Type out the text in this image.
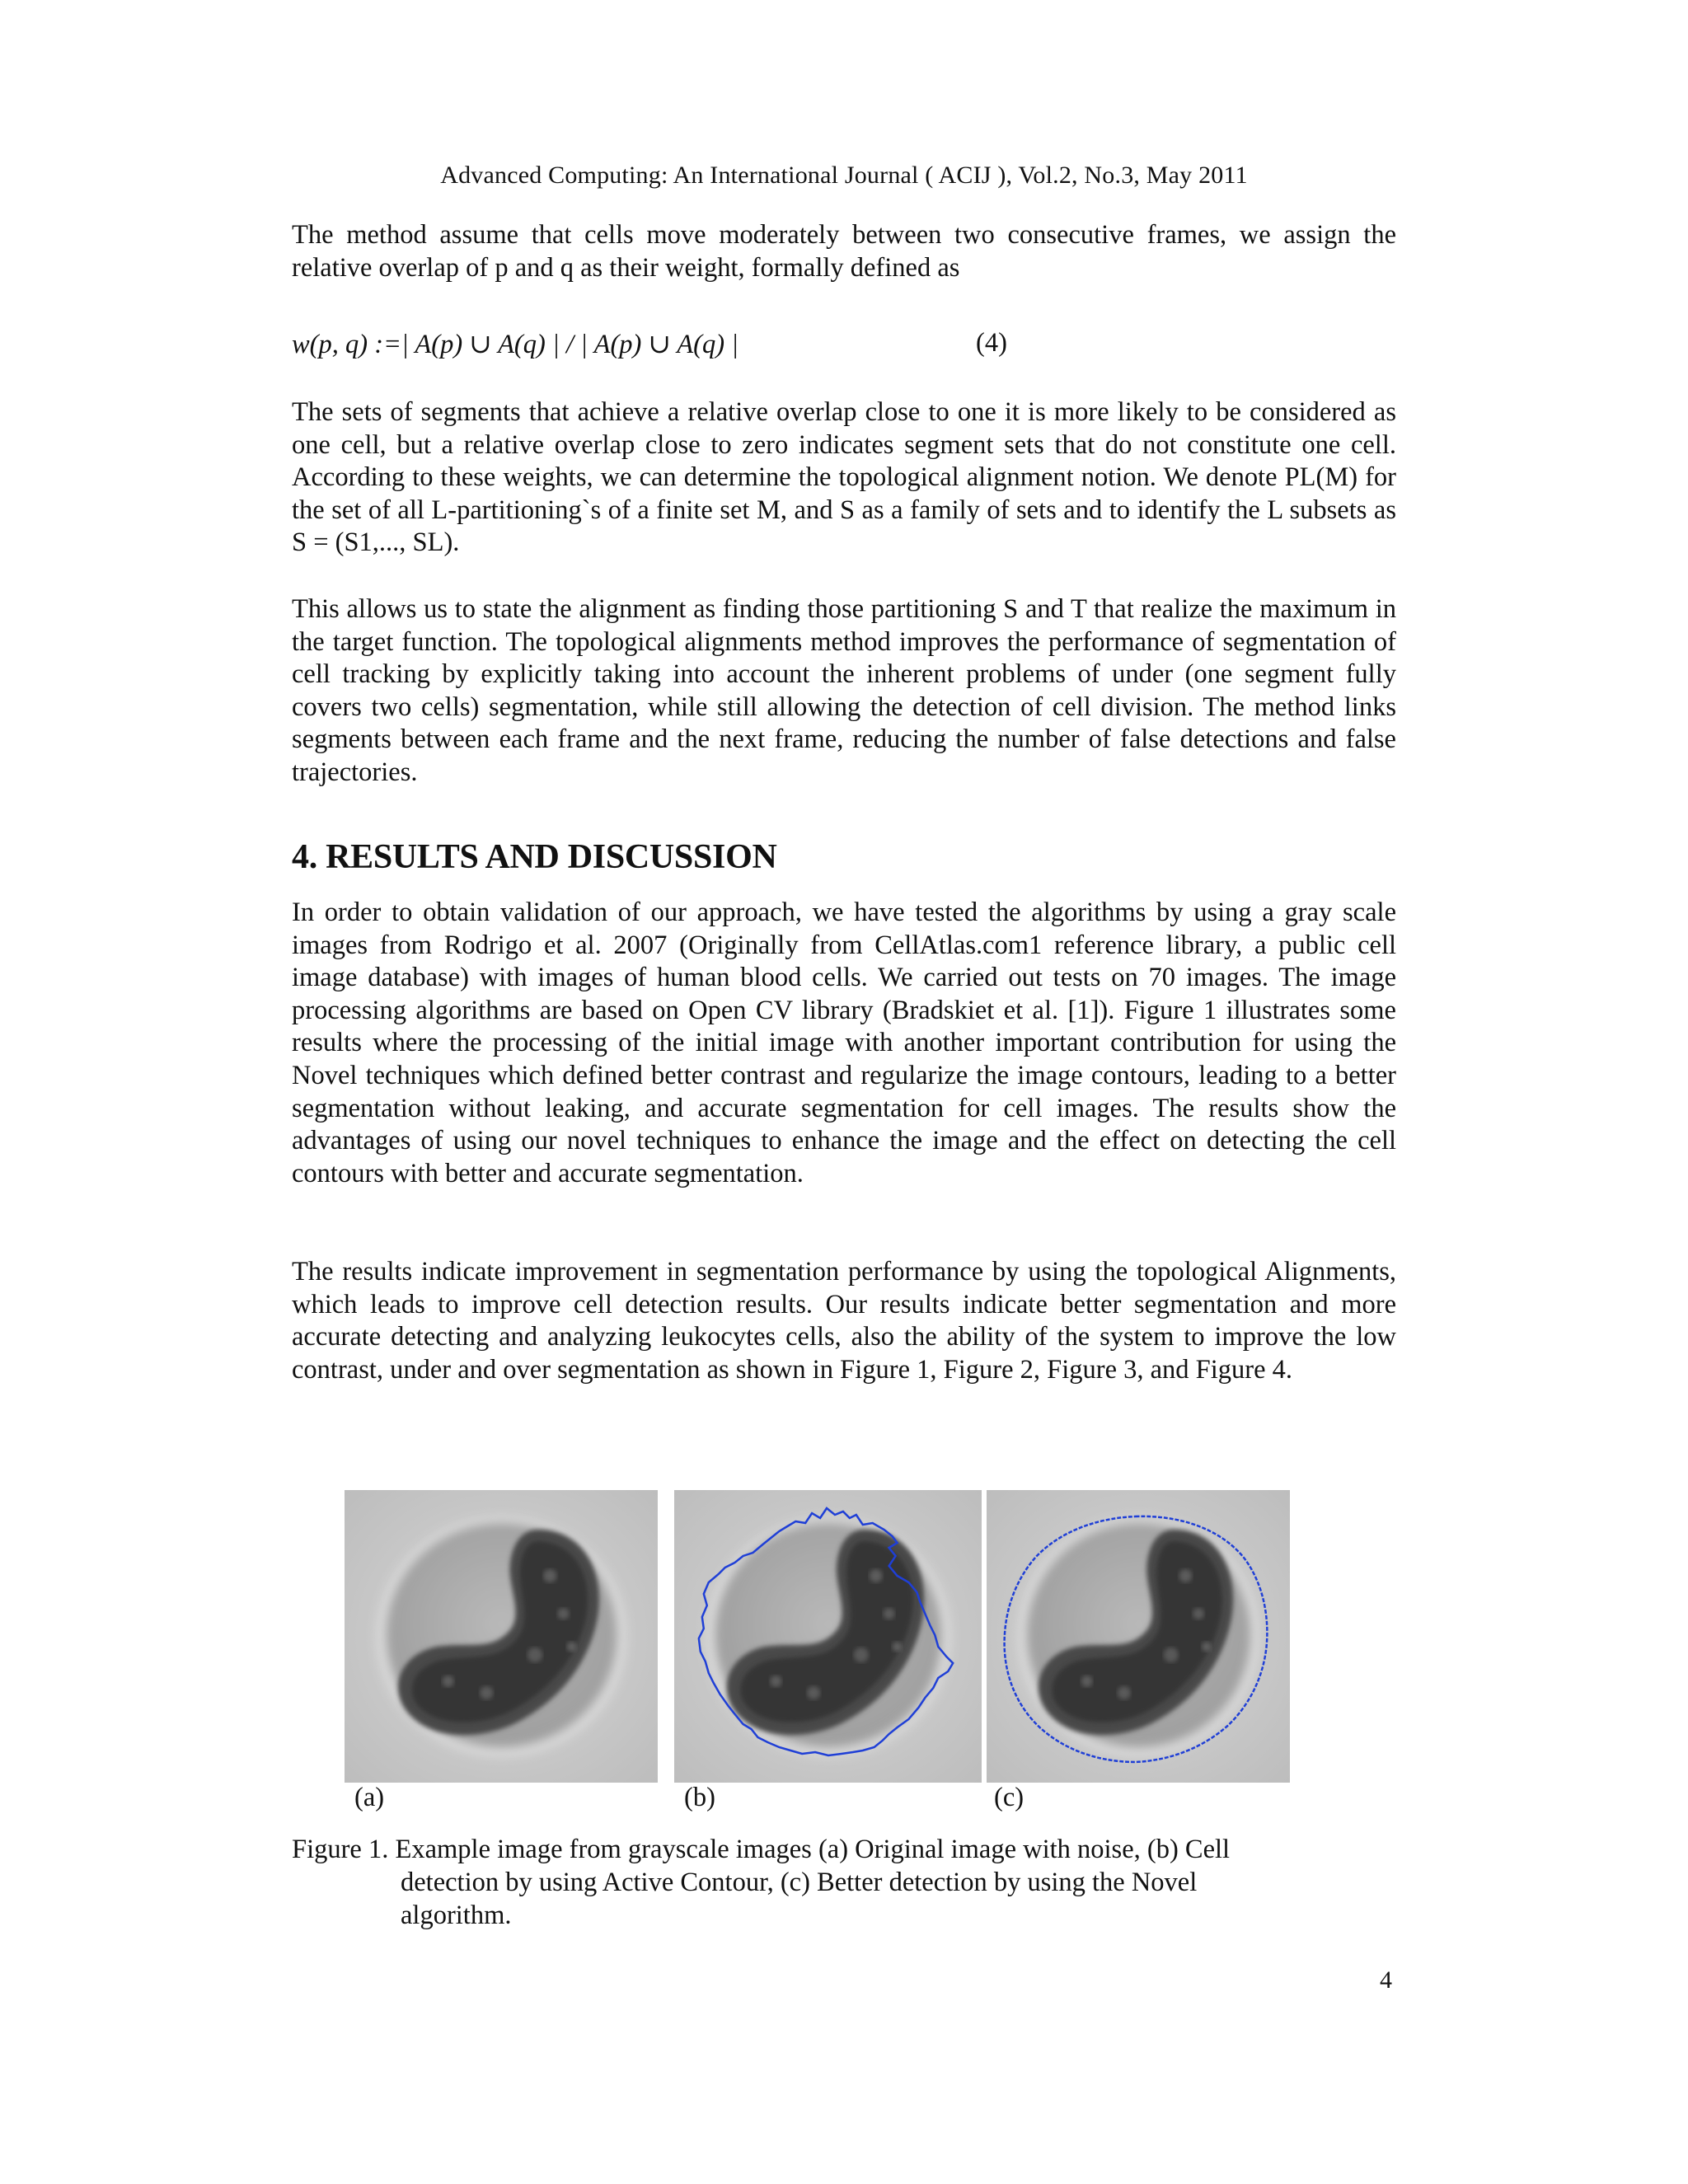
Advanced Computing: An International Journal ( ACIJ ), Vol.2, No.3, May 2011

The method assume that cells move moderately between two consecutive frames, we assign the relative overlap of p and q as their weight, formally defined as

w(p, q) :=| A(p) ∪ A(q) | / | A(p) ∪ A(q) |	(4)

The sets of segments that achieve a relative overlap close to one it is more likely to be considered as one cell, but a relative overlap close to zero indicates segment sets that do not constitute one cell. According to these weights, we can determine the topological alignment notion. We denote PL(M) for the set of all L-partitioning`s of a finite set M, and S as a family of sets and to identify the L subsets as S = (S1,..., SL).

This allows us to state the alignment as finding those partitioning S and T that realize the maximum in the target function. The topological alignments method improves the performance of segmentation of cell tracking by explicitly taking into account the inherent problems of under (one segment fully covers two cells) segmentation, while still allowing the detection of cell division. The method links segments between each frame and the next frame, reducing the number of false detections and false trajectories.

4. RESULTS AND DISCUSSION

In order to obtain validation of our approach, we have tested the algorithms by using a gray scale images from Rodrigo et al. 2007 (Originally from CellAtlas.com1 reference library, a public cell image database) with images of human blood cells. We carried out tests on 70 images. The image processing algorithms are based on Open CV library (Bradskiet et al. [1]). Figure 1 illustrates some results where the processing of the initial image with another important contribution for using the Novel techniques which defined better contrast and regularize the image contours, leading to a better segmentation without leaking, and accurate segmentation for cell images. The results show the advantages of using our novel techniques to enhance the image and the effect on detecting the cell contours with better and accurate segmentation.

The results indicate improvement in segmentation performance by using the topological Alignments, which leads to improve cell detection results. Our results indicate better segmentation and more accurate detecting and analyzing leukocytes cells, also the ability of the system to improve the low contrast, under and over segmentation as shown in Figure 1, Figure 2, Figure 3, and Figure 4.

(a)	(b)	(c)
Figure 1. Example image from grayscale images (a) Original image with noise, (b) Cell
detection by using Active Contour, (c) Better detection by using the Novel
algorithm.
4
